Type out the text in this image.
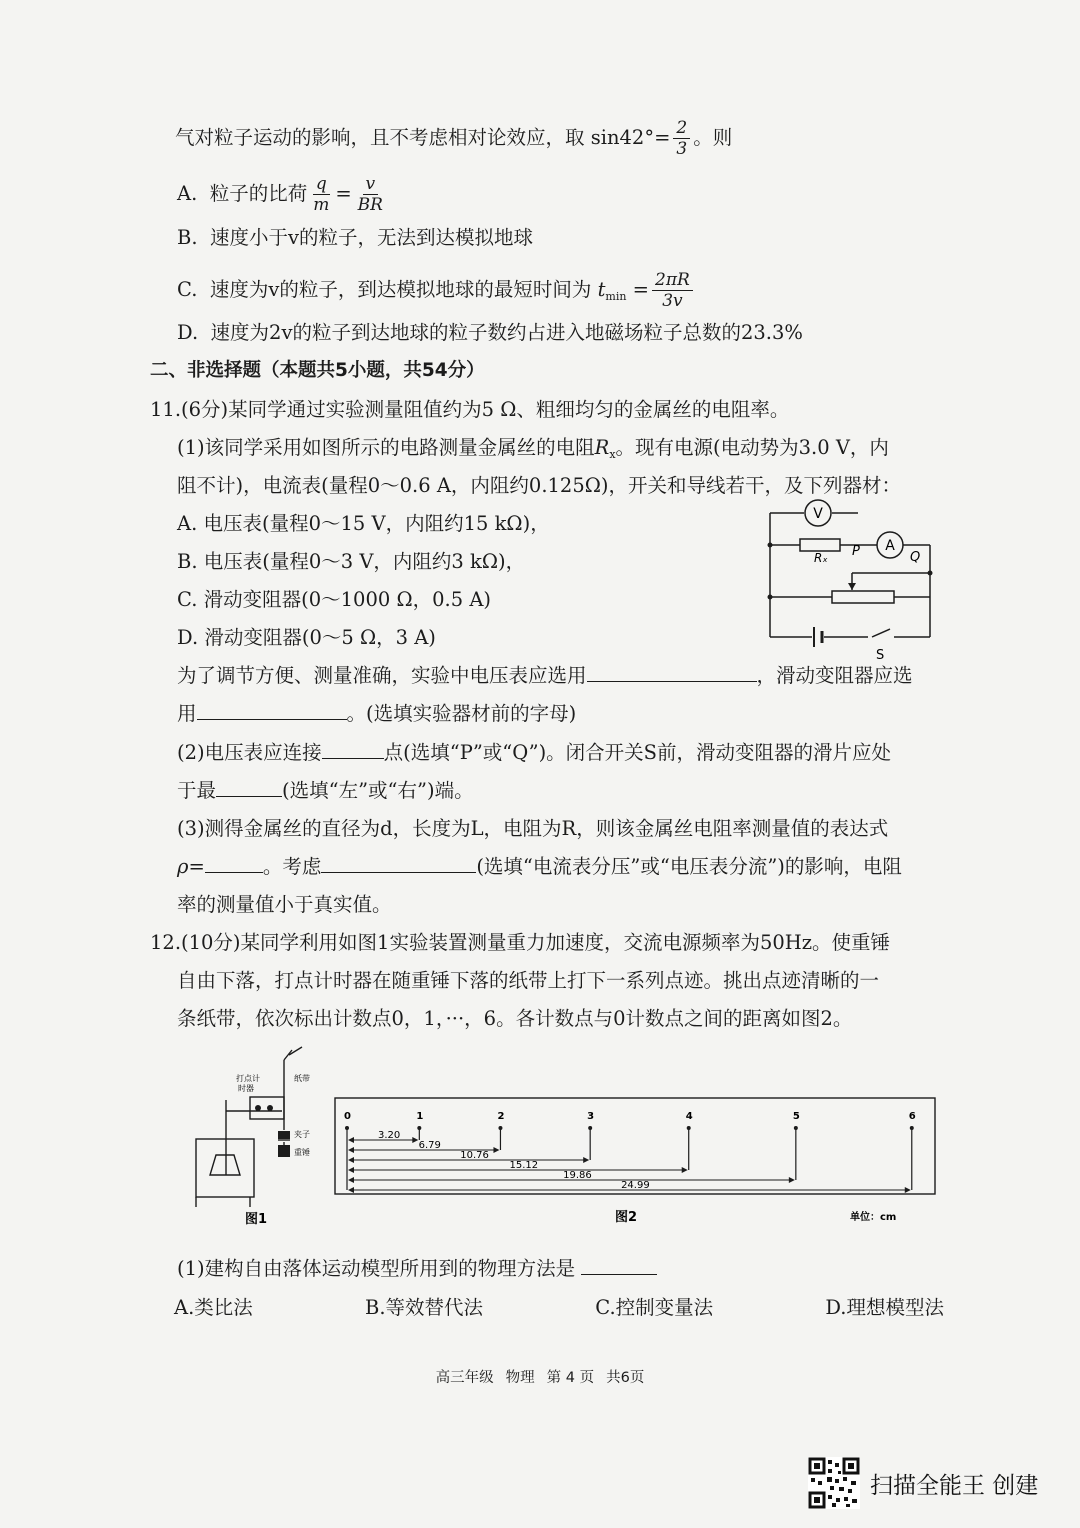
气对粒子运动的影响，且不考虑相对论效应，取 $\sin 42^\circ= \frac{2}{3}$ 。则
A. 粒子的比荷 $\frac{q}{m} = \frac{v}{BR}$
B. 速度小于v的粒子，无法到达模拟地球
C. 速度为v的粒子，到达模拟地球的最短时间为 $t_{min} = \frac{2\pi R}{3v}$
D. 速度为2v的粒子到达地球的粒子数约占进入地磁场粒子总数的23.3%
二、非选择题（本题共5小题，共54分）
11.(6分)某同学通过实验测量阻值约为5 Ω、粗细均匀的金属丝的电阻率。
(1)该同学采用如图所示的电路测量金属丝的电阻$R_x$。现有电源(电动势为3.0 V，内
阻不计)，电流表(量程0～0.6 A，内阻约0.125Ω)，开关和导线若干，及下列器材：
A. 电压表(量程0～15 V，内阻约15 kΩ)，
B. 电压表(量程0～3 V，内阻约3 kΩ)，
C. 滑动变阻器(0～1000 Ω，0.5 A)
D. 滑动变阻器(0～5 Ω，3 A)
V
A
Rₓ P	Q
S
为了调节方便、测量准确，实验中电压表应选用	，滑动变阻器应选
用	。(选填实验器材前的字母)
(2)电压表应连接	点(选填“P”或“Q”)。闭合开关S前，滑动变阻器的滑片应处
于最	(选填“左”或“右”)端。
(3)测得金属丝的直径为d，长度为L，电阻为R，则该金属丝电阻率测量值的表达式
ρ=	。考虑	(选填“电流表分压”或“电压表分流”)的影响，电阻
率的测量值小于真实值。
12.(10分)某同学利用如图1实验装置测量重力加速度，交流电源频率为50Hz。使重锤
自由下落，打点计时器在随重锤下落的纸带上打下一系列点迹。挑出点迹清晰的一
条纸带，依次标出计数点0，1，···，6。各计数点与0计数点之间的距离如图2。
打点计
时器
纸带
夹子
重锤
图1
0	1	2	3	4	5	6
3.20
6.79
10.76
15.12
19.86
24.99
图2	单位：cm
(1)建构自由落体运动模型所用到的物理方法是
A.类比法	B.等效替代法	C.控制变量法	D.理想模型法
高三年级 物理 第 4 页 共6页
扫描全能王 创建
